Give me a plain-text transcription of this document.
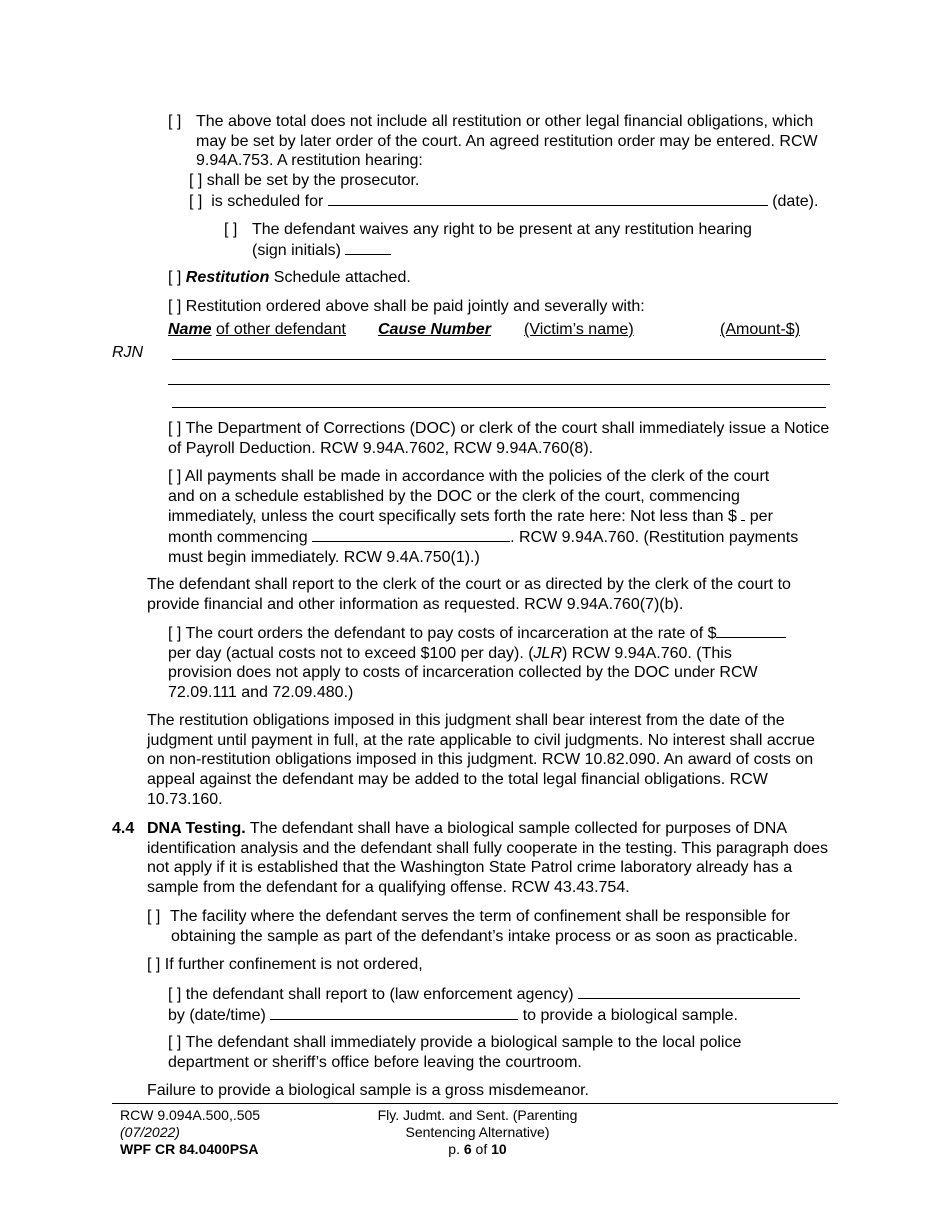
[ ] The above total does not include all restitution or other legal financial obligations, which may be set by later order of the court. An agreed restitution order may be entered. RCW 9.94A.753. A restitution hearing:
[ ] shall be set by the prosecutor.
[ ] is scheduled for	(date).
[ ] The defendant waives any right to be present at any restitution hearing
(sign initials)
[ ] Restitution Schedule attached.
[ ] Restitution ordered above shall be paid jointly and severally with:
Name of other defendant Cause Number (Victim’s name)	(Amount-$)
RJN
[ ] The Department of Corrections (DOC) or clerk of the court shall immediately issue a Notice of Payroll Deduction. RCW 9.94A.7602, RCW 9.94A.760(8).
[ ] All payments shall be made in accordance with the policies of the clerk of the court
and on a schedule established by the DOC or the clerk of the court, commencing
immediately, unless the court specifically sets forth the rate here: Not less than $ per
month commencing	. RCW 9.94A.760. (Restitution payments
must begin immediately. RCW 9.4A.750(1).)
The defendant shall report to the clerk of the court or as directed by the clerk of the court to provide financial and other information as requested. RCW 9.94A.760(7)(b).
[ ] The court orders the defendant to pay costs of incarceration at the rate of $
per day (actual costs not to exceed $100 per day). (JLR) RCW 9.94A.760. (This
provision does not apply to costs of incarceration collected by the DOC under RCW
72.09.111 and 72.09.480.)
The restitution obligations imposed in this judgment shall bear interest from the date of the judgment until payment in full, at the rate applicable to civil judgments. No interest shall accrue on non-restitution obligations imposed in this judgment. RCW 10.82.090. An award of costs on appeal against the defendant may be added to the total legal financial obligations. RCW 10.73.160.
4.4 DNA Testing. The defendant shall have a biological sample collected for purposes of DNA identification analysis and the defendant shall fully cooperate in the testing. This paragraph does not apply if it is established that the Washington State Patrol crime laboratory already has a sample from the defendant for a qualifying offense. RCW 43.43.754.
[ ] The facility where the defendant serves the term of confinement shall be responsible for obtaining the sample as part of the defendant’s intake process or as soon as practicable.
[ ] If further confinement is not ordered,
[ ] the defendant shall report to (law enforcement agency)
by (date/time)	to provide a biological sample.
[ ] The defendant shall immediately provide a biological sample to the local police department or sheriff’s office before leaving the courtroom.
Failure to provide a biological sample is a gross misdemeanor.
RCW 9.094A.500,.505
(07/2022)
WPF CR 84.0400PSA
Fly. Judmt. and Sent. (Parenting
Sentencing Alternative)
p. 6 of 10
